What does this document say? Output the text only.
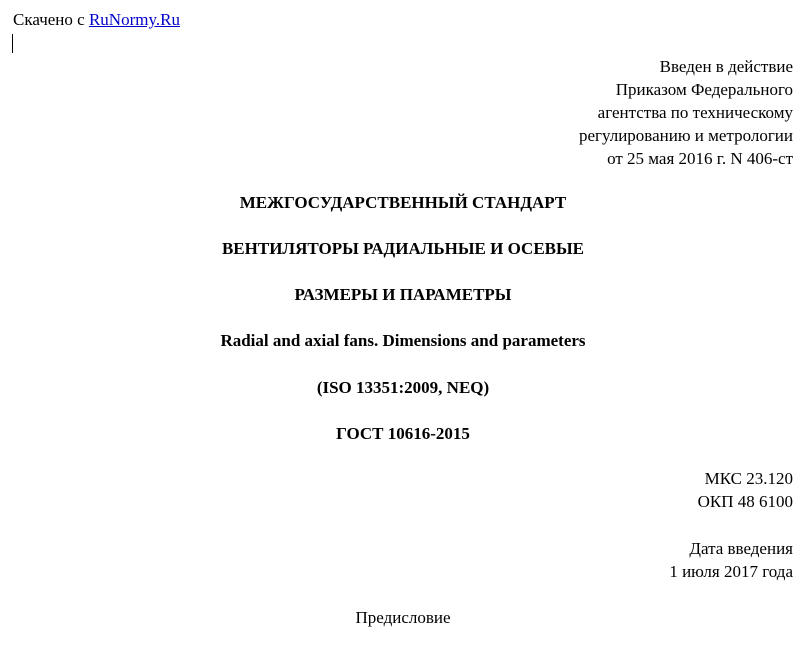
Скачено с RuNormy.Ru
Введен в действие
Приказом Федерального
агентства по техническому
регулированию и метрологии
от 25 мая 2016 г. N 406-ст
МЕЖГОСУДАРСТВЕННЫЙ СТАНДАРТ
ВЕНТИЛЯТОРЫ РАДИАЛЬНЫЕ И ОСЕВЫЕ
РАЗМЕРЫ И ПАРАМЕТРЫ
Radial and axial fans. Dimensions and parameters
(ISO 13351:2009, NEQ)
ГОСТ 10616-2015
МКС 23.120
ОКП 48 6100
Дата введения
1 июля 2017 года
Предисловие
